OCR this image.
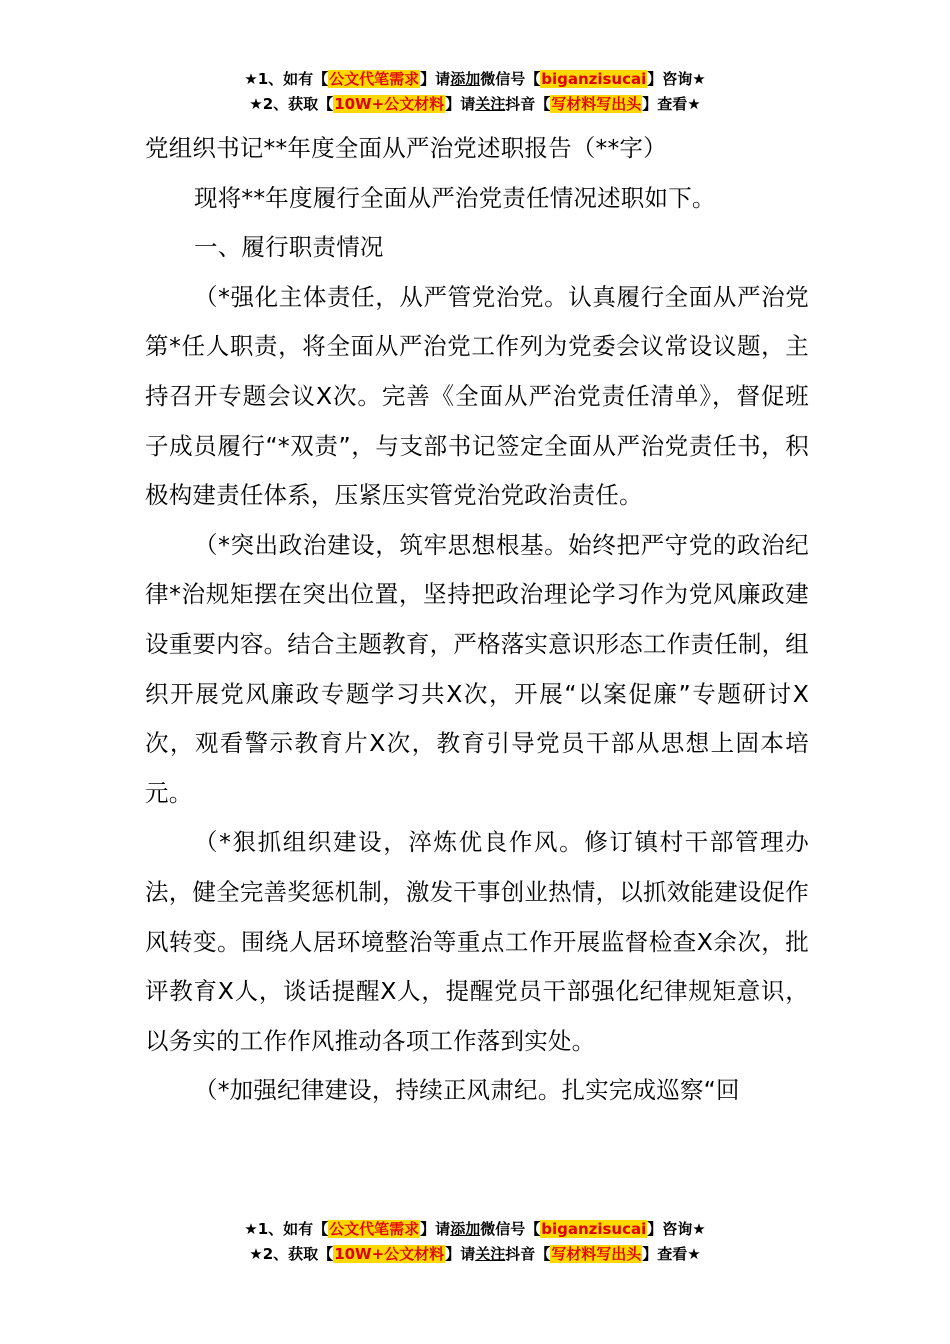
★1、如有【公文代笔需求】请添加微信号【biganzisucai】咨询★
★2、获取【10W+公文材料】请关注抖音【写材料写出头】查看★

党组织书记**年度全面从严治党述职报告（**字）

现将**年度履行全面从严治党责任情况述职如下。

一、履行职责情况

（*强化主体责任，从严管党治党。认真履行全面从严治党第*任人职责，将全面从严治党工作列为党委会议常设议题，主持召开专题会议X次。完善《全面从严治党责任清单》，督促班子成员履行“*双责”，与支部书记签定全面从严治党责任书，积极构建责任体系，压紧压实管党治党政治责任。

（*突出政治建设，筑牢思想根基。始终把严守党的政治纪律*治规矩摆在突出位置，坚持把政治理论学习作为党风廉政建设重要内容。结合主题教育，严格落实意识形态工作责任制，组织开展党风廉政专题学习共X次，开展“以案促廉”专题研讨X次，观看警示教育片X次，教育引导党员干部从思想上固本培元。

（*狠抓组织建设，淬炼优良作风。修订镇村干部管理办法，健全完善奖惩机制，激发干事创业热情，以抓效能建设促作风转变。围绕人居环境整治等重点工作开展监督检查X余次，批评教育X人，谈话提醒X人，提醒党员干部强化纪律规矩意识，以务实的工作作风推动各项工作落到实处。

（*加强纪律建设，持续正风肃纪。扎实完成巡察“回

★1、如有【公文代笔需求】请添加微信号【biganzisucai】咨询★
★2、获取【10W+公文材料】请关注抖音【写材料写出头】查看★
